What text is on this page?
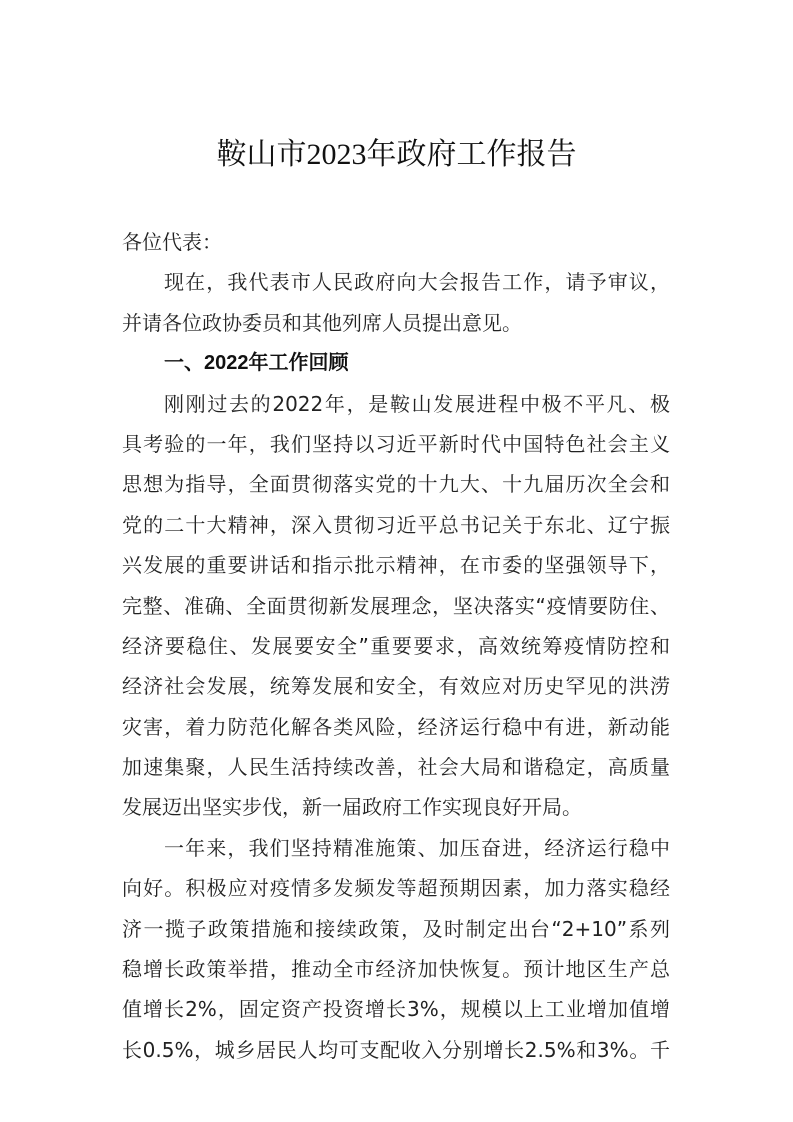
鞍山市2023年政府工作报告
各位代表：
现在，我代表市人民政府向大会报告工作，请予审议，
并请各位政协委员和其他列席人员提出意见。
一、2022年工作回顾
刚刚过去的2022年，是鞍山发展进程中极不平凡、极
具考验的一年，我们坚持以习近平新时代中国特色社会主义
思想为指导，全面贯彻落实党的十九大、十九届历次全会和
党的二十大精神，深入贯彻习近平总书记关于东北、辽宁振
兴发展的重要讲话和指示批示精神，在市委的坚强领导下，
完整、准确、全面贯彻新发展理念，坚决落实“疫情要防住、
经济要稳住、发展要安全”重要要求，高效统筹疫情防控和
经济社会发展，统筹发展和安全，有效应对历史罕见的洪涝
灾害，着力防范化解各类风险，经济运行稳中有进，新动能
加速集聚，人民生活持续改善，社会大局和谐稳定，高质量
发展迈出坚实步伐，新一届政府工作实现良好开局。
一年来，我们坚持精准施策、加压奋进，经济运行稳中
向好。积极应对疫情多发频发等超预期因素，加力落实稳经
济一揽子政策措施和接续政策，及时制定出台“2+10”系列
稳增长政策举措，推动全市经济加快恢复。预计地区生产总
值增长2%，固定资产投资增长3%，规模以上工业增加值增
长0.5%，城乡居民人均可支配收入分别增长2.5%和3%。千
